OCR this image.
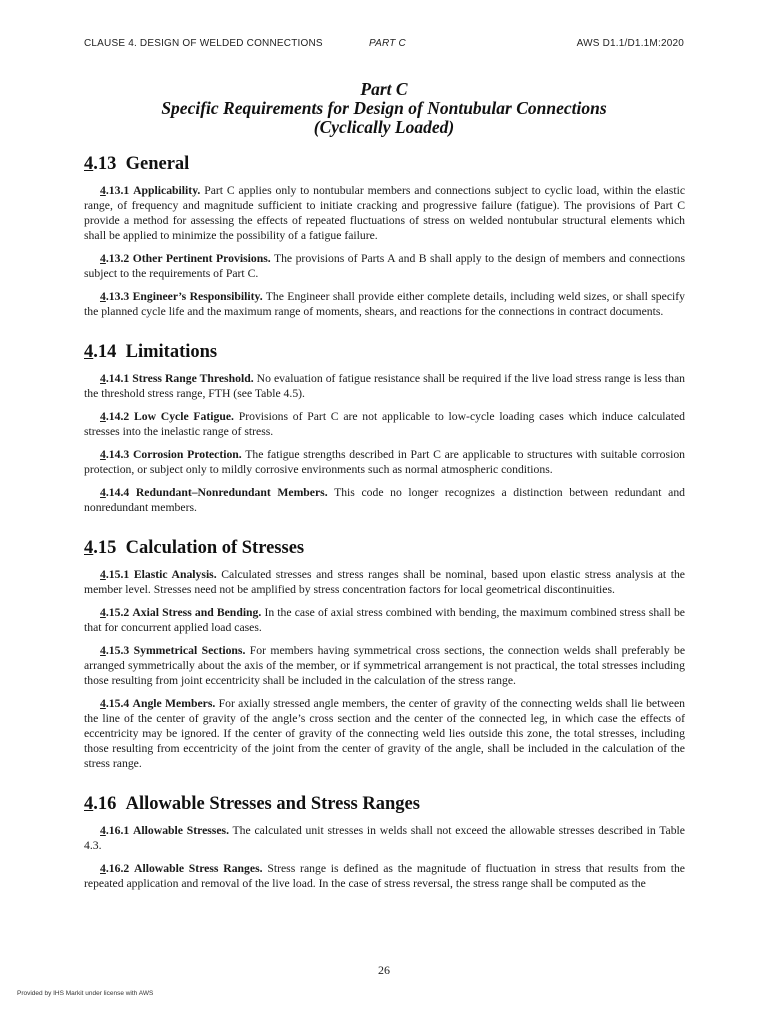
CLAUSE 4. DESIGN OF WELDED CONNECTIONS	PART C	AWS D1.1/D1.1M:2020
Part C
Specific Requirements for Design of Nontubular Connections
(Cyclically Loaded)
4.13 General

4.13.1 Applicability. Part C applies only to nontubular members and connections subject to cyclic load, within the elastic range, of frequency and magnitude sufficient to initiate cracking and progressive failure (fatigue). The provisions of Part C provide a method for assessing the effects of repeated fluctuations of stress on welded nontubular structural elements which shall be applied to minimize the possibility of a fatigue failure.

4.13.2 Other Pertinent Provisions. The provisions of Parts A and B shall apply to the design of members and connections subject to the requirements of Part C.

4.13.3 Engineer’s Responsibility. The Engineer shall provide either complete details, including weld sizes, or shall specify the planned cycle life and the maximum range of moments, shears, and reactions for the connections in contract documents.

4.14 Limitations

4.14.1 Stress Range Threshold. No evaluation of fatigue resistance shall be required if the live load stress range is less than the threshold stress range, FTH (see Table 4.5).

4.14.2 Low Cycle Fatigue. Provisions of Part C are not applicable to low-cycle loading cases which induce calculated stresses into the inelastic range of stress.

4.14.3 Corrosion Protection. The fatigue strengths described in Part C are applicable to structures with suitable corrosion protection, or subject only to mildly corrosive environments such as normal atmospheric conditions.

4.14.4 Redundant–Nonredundant Members. This code no longer recognizes a distinction between redundant and nonredundant members.

4.15 Calculation of Stresses

4.15.1 Elastic Analysis. Calculated stresses and stress ranges shall be nominal, based upon elastic stress analysis at the member level. Stresses need not be amplified by stress concentration factors for local geometrical discontinuities.

4.15.2 Axial Stress and Bending. In the case of axial stress combined with bending, the maximum combined stress shall be that for concurrent applied load cases.

4.15.3 Symmetrical Sections. For members having symmetrical cross sections, the connection welds shall preferably be arranged symmetrically about the axis of the member, or if symmetrical arrangement is not practical, the total stresses including those resulting from joint eccentricity shall be included in the calculation of the stress range.

4.15.4 Angle Members. For axially stressed angle members, the center of gravity of the connecting welds shall lie between the line of the center of gravity of the angle’s cross section and the center of the connected leg, in which case the effects of eccentricity may be ignored. If the center of gravity of the connecting weld lies outside this zone, the total stresses, including those resulting from eccentricity of the joint from the center of gravity of the angle, shall be included in the calculation of the stress range.

4.16 Allowable Stresses and Stress Ranges

4.16.1 Allowable Stresses. The calculated unit stresses in welds shall not exceed the allowable stresses described in Table 4.3.

4.16.2 Allowable Stress Ranges. Stress range is defined as the magnitude of fluctuation in stress that results from the repeated application and removal of the live load. In the case of stress reversal, the stress range shall be computed as the

26
Provided by IHS Markit under license with AWS
